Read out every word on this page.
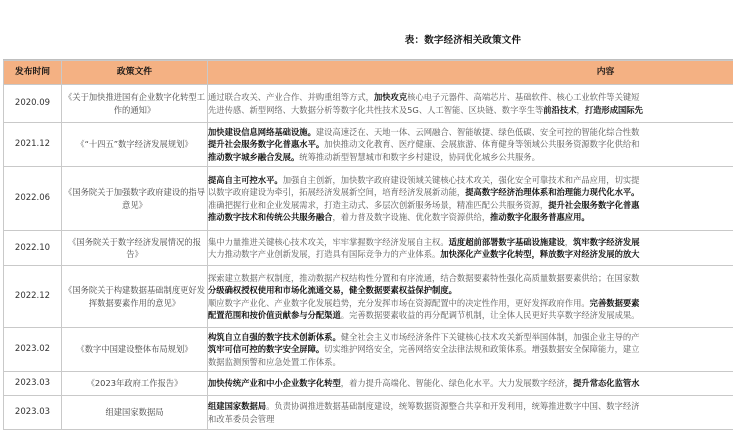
表：数字经济相关政策文件
发布时间	政策文件	内容
2020.09	《关于加快推进国有企业数字化转型工作的通知》	通过联合攻关、产业合作、并购重组等方式，加快攻克核心电子元器件、高端芯片、基础软件、核心工业软件等关键短
先进传感、新型网络、大数据分析等数字化共性技术及5G、人工智能、区块链、数字孪生等前沿技术，打造形成国际先

2021.12	《“十四五”数字经济发展规划》	加快建设信息网络基础设施。建设高速泛在、天地一体、云网融合、智能敏捷、绿色低碳、安全可控的智能化综合性数
提升社会服务数字化普惠水平。加快推动文化教育、医疗健康、会展旅游、体育健身等领域公共服务资源数字化供给和
推动数字城乡融合发展。统筹推动新型智慧城市和数字乡村建设，协同优化城乡公共服务。

2022.06	《国务院关于加强数字政府建设的指导意见》	提高自主可控水平。加强自主创新，加快数字政府建设领域关键核心技术攻关，强化安全可靠技术和产品应用，切实提
以数字政府建设为牵引，拓展经济发展新空间，培育经济发展新动能，提高数字经济治理体系和治理能力现代化水平。
准确把握行业和企业发展需求，打造主动式、多层次创新服务场景，精准匹配公共服务资源，提升社会服务数字化普惠
推动数字技术和传统公共服务融合，着力普及数字设施、优化数字资源供给，推动数字化服务普惠应用。

2022.10	《国务院关于数字经济发展情况的报告》	集中力量推进关键核心技术攻关，牢牢掌握数字经济发展自主权。适度超前部署数字基础设施建设，筑牢数字经济发展
大力推动数字产业创新发展，打造具有国际竞争力的产业体系。加快深化产业数字化转型，释放数字对经济发展的放大

2022.12	《国务院关于构建数据基础制度更好发挥数据要素作用的意见》	探索建立数据产权制度，推动数据产权结构性分置和有序流通，结合数据要素特性强化高质量数据要素供给；在国家数
分级确权授权使用和市场化流通交易，健全数据要素权益保护制度。
顺应数字产业化、产业数字化发展趋势，充分发挥市场在资源配置中的决定性作用，更好发挥政府作用。完善数据要素
配置范围和按价值贡献参与分配渠道。完善数据要素收益的再分配调节机制，让全体人民更好共享数字经济发展成果。

2023.02	《数字中国建设整体布局规划》	构筑自立自强的数字技术创新体系。健全社会主义市场经济条件下关键核心技术攻关新型举国体制，加强企业主导的产
筑牢可信可控的数字安全屏障。切实维护网络安全，完善网络安全法律法规和政策体系。增强数据安全保障能力，建立
数据监测预警和应急处置工作体系。

2023.03	《2023年政府工作报告》	加快传统产业和中小企业数字化转型，着力提升高端化、智能化、绿色化水平。大力发展数字经济，提升常态化监管水

2023.03	组建国家数据局	组建国家数据局。负责协调推进数据基础制度建设，统筹数据资源整合共享和开发利用，统筹推进数字中国、数字经济
和改革委员会管理
